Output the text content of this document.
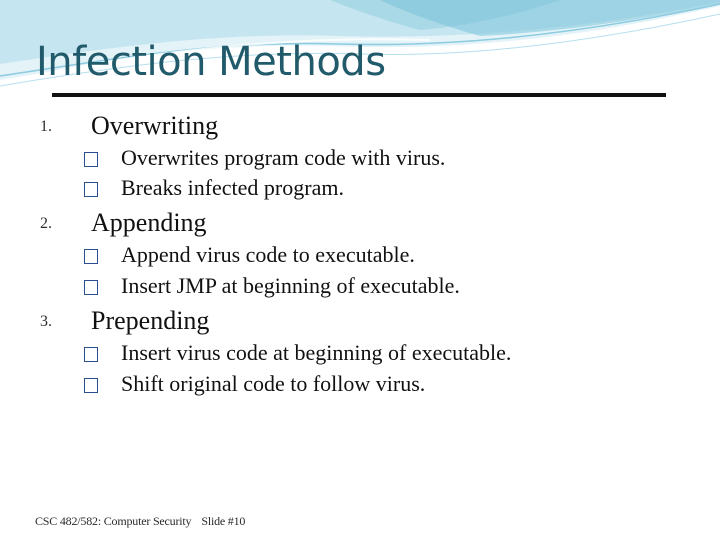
Infection Methods
1. Overwriting
Overwrites program code with virus.
Breaks infected program.
2. Appending
Append virus code to executable.
Insert JMP at beginning of executable.
3. Prepending
Insert virus code at beginning of executable.
Shift original code to follow virus.
CSC 482/582: Computer Security Slide #10
